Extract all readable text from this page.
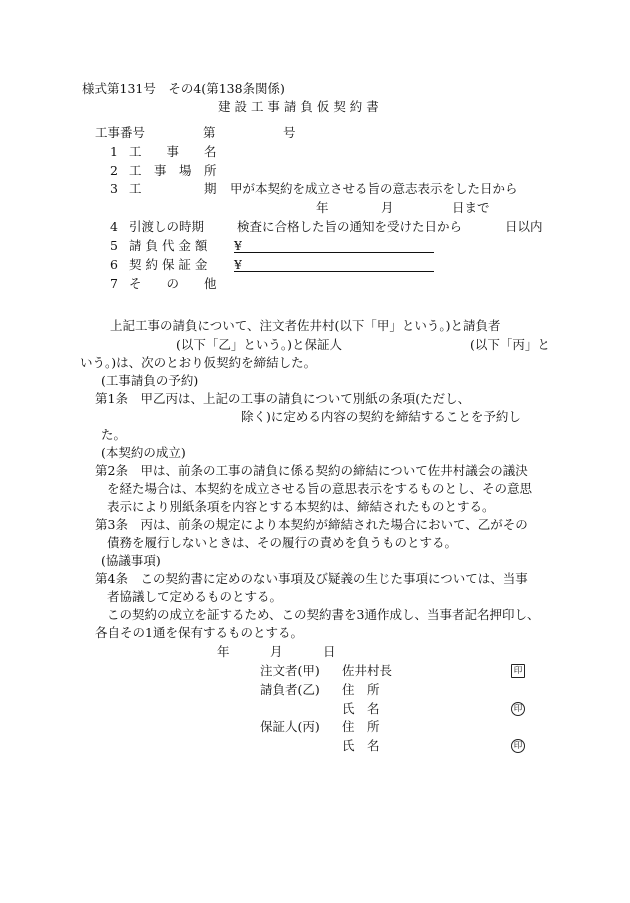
様式第131号　その4(第138条関係)
建 設 工 事 請 負 仮 契 約 書
工事番号	第	号
1 工　　事　　名
2 工　事　場　所
3 工　　　　　期 甲が本契約を成立させる旨の意志表示をした日から
年	月	日まで
4 引渡しの時期	検査に合格した旨の通知を受けた日から	日以内
5 請 負 代 金 額 ¥
6 契 約 保 証 金 ¥
7 そ　　の　　他
上記工事の請負について、注文者佐井村(以下「甲」という。)と請負者
(以下「乙」という。)と保証人	(以下「丙」と
いう。)は、次のとおり仮契約を締結した。
(工事請負の予約)
第1条　甲乙丙は、上記の工事の請負について別紙の条項(ただし、
除く)に定める内容の契約を締結することを予約し
た。
(本契約の成立)
第2条　甲は、前条の工事の請負に係る契約の締結について佐井村議会の議決
を経た場合は、本契約を成立させる旨の意思表示をするものとし、その意思
表示により別紙条項を内容とする本契約は、締結されたものとする。
第3条　丙は、前条の規定により本契約が締結された場合において、乙がその
債務を履行しないときは、その履行の責めを負うものとする。
(協議事項)
第4条　この契約書に定めのない事項及び疑義の生じた事項については、当事
者協議して定めるものとする。
この契約の成立を証するため、この契約書を3通作成し、当事者記名押印し、
各自その1通を保有するものとする。
年	月	日
注文者(甲) 佐井村長	印
請負者(乙) 住　所
氏　名	印
保証人(丙) 住　所
氏　名	印
